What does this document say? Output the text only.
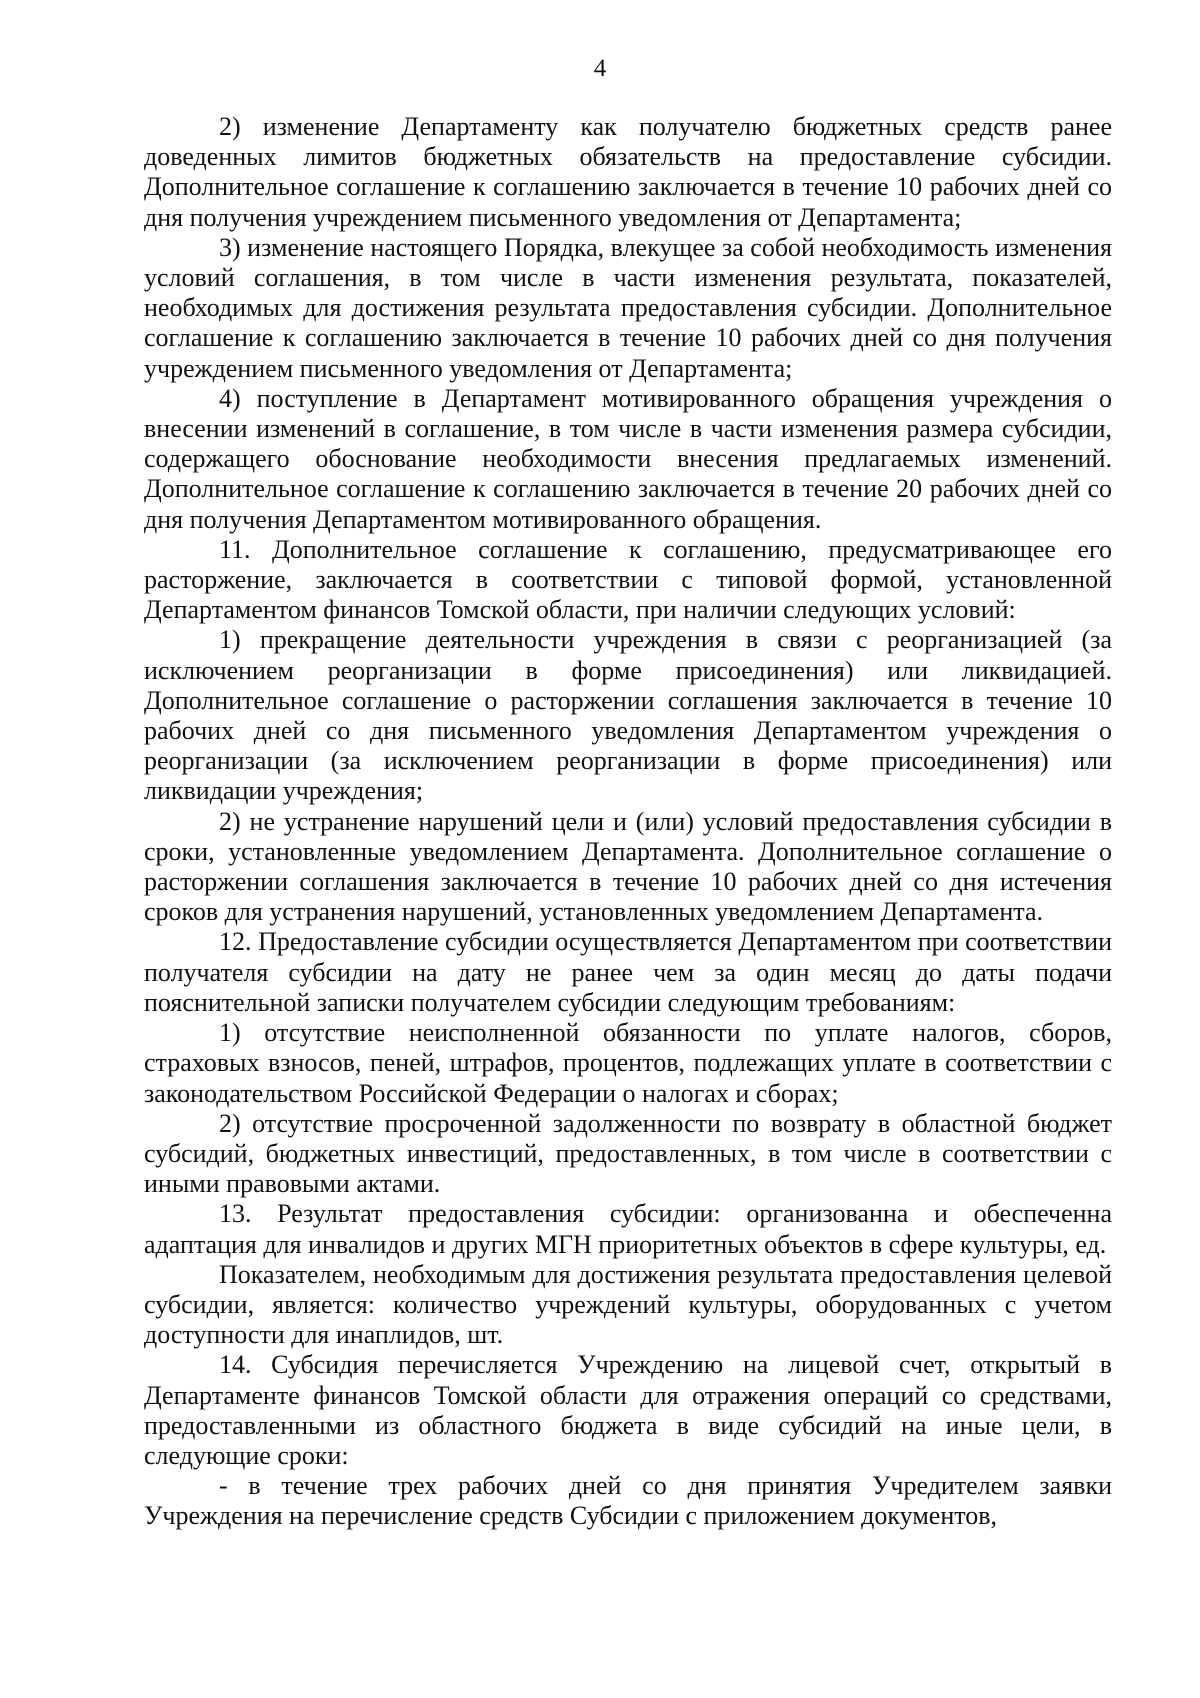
4

2) изменение Департаменту как получателю бюджетных средств ранее доведенных лимитов бюджетных обязательств на предоставление субсидии. Дополнительное соглашение к соглашению заключается в течение 10 рабочих дней со дня получения учреждением письменного уведомления от Департамента;

3) изменение настоящего Порядка, влекущее за собой необходимость изменения условий соглашения, в том числе в части изменения результата, показателей, необходимых для достижения результата предоставления субсидии. Дополнительное соглашение к соглашению заключается в течение 10 рабочих дней со дня получения учреждением письменного уведомления от Департамента;

4) поступление в Департамент мотивированного обращения учреждения о внесении изменений в соглашение, в том числе в части изменения размера субсидии, содержащего обоснование необходимости внесения предлагаемых изменений. Дополнительное соглашение к соглашению заключается в течение 20 рабочих дней со дня получения Департаментом мотивированного обращения.

11. Дополнительное соглашение к соглашению, предусматривающее его расторжение, заключается в соответствии с типовой формой, установленной Департаментом финансов Томской области, при наличии следующих условий:

1) прекращение деятельности учреждения в связи с реорганизацией (за исключением реорганизации в форме присоединения) или ликвидацией. Дополнительное соглашение о расторжении соглашения заключается в течение 10 рабочих дней со дня письменного уведомления Департаментом учреждения о реорганизации (за исключением реорганизации в форме присоединения) или ликвидации учреждения;

2) не устранение нарушений цели и (или) условий предоставления субсидии в сроки, установленные уведомлением Департамента. Дополнительное соглашение о расторжении соглашения заключается в течение 10 рабочих дней со дня истечения сроков для устранения нарушений, установленных уведомлением Департамента.

12. Предоставление субсидии осуществляется Департаментом при соответствии получателя субсидии на дату не ранее чем за один месяц до даты подачи пояснительной записки получателем субсидии следующим требованиям:

1) отсутствие неисполненной обязанности по уплате налогов, сборов, страховых взносов, пеней, штрафов, процентов, подлежащих уплате в соответствии с законодательством Российской Федерации о налогах и сборах;

2) отсутствие просроченной задолженности по возврату в областной бюджет субсидий, бюджетных инвестиций, предоставленных, в том числе в соответствии с иными правовыми актами.

13. Результат предоставления субсидии: организованна и обеспеченна адаптация для инвалидов и других МГН приоритетных объектов в сфере культуры, ед.

Показателем, необходимым для достижения результата предоставления целевой субсидии, является: количество учреждений культуры, оборудованных с учетом доступности для инаплидов, шт.

14. Субсидия перечисляется Учреждению на лицевой счет, открытый в Департаменте финансов Томской области для отражения операций со средствами, предоставленными из областного бюджета в виде субсидий на иные цели, в следующие сроки:

- в течение трех рабочих дней со дня принятия Учредителем заявки Учреждения на перечисление средств Субсидии с приложением документов,
